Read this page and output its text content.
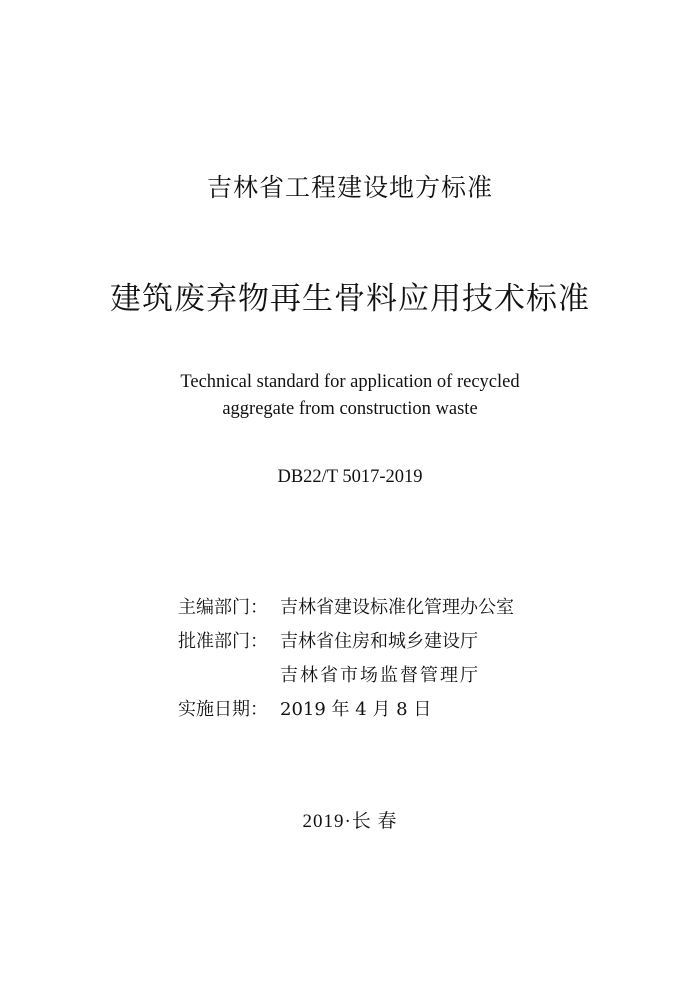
吉林省工程建设地方标准
建筑废弃物再生骨料应用技术标准
Technical standard for application of recycled
aggregate from construction waste
DB22/T 5017-2019
主编部门： 吉林省建设标准化管理办公室
批准部门： 吉林省住房和城乡建设厅
吉林省市场监督管理厅
实施日期： 2019 年 4 月 8 日
2019·长 春
